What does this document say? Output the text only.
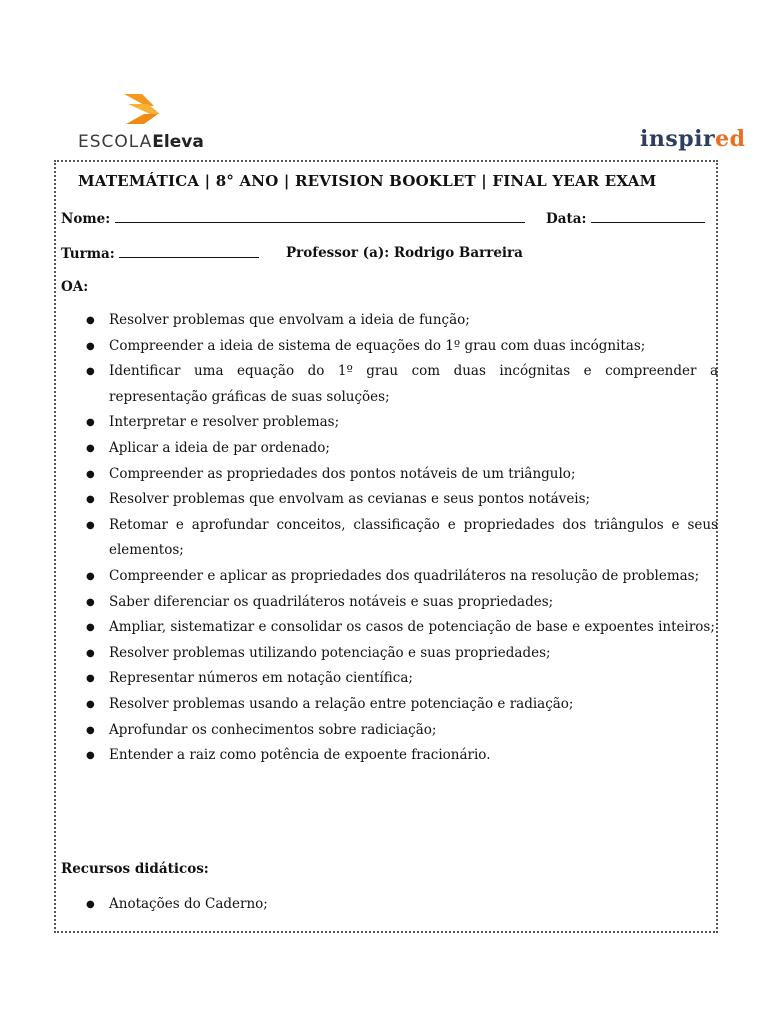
ESCOLAEleva	inspired
MATEMÁTICA | 8° ANO | REVISION BOOKLET | FINAL YEAR EXAM
Nome:	Data:
Turma:	Professor (a): Rodrigo Barreira
OA:
● Resolver problemas que envolvam a ideia de função;
● Compreender a ideia de sistema de equações do 1º grau com duas incógnitas;
● Identificar uma equação do 1º grau com duas incógnitas e compreender a representação gráficas de suas soluções;
● Interpretar e resolver problemas;
● Aplicar a ideia de par ordenado;
● Compreender as propriedades dos pontos notáveis de um triângulo;
● Resolver problemas que envolvam as cevianas e seus pontos notáveis;
● Retomar e aprofundar conceitos, classificação e propriedades dos triângulos e seus elementos;
● Compreender e aplicar as propriedades dos quadriláteros na resolução de problemas;
● Saber diferenciar os quadriláteros notáveis e suas propriedades;
● Ampliar, sistematizar e consolidar os casos de potenciação de base e expoentes inteiros;
● Resolver problemas utilizando potenciação e suas propriedades;
● Representar números em notação científica;
● Resolver problemas usando a relação entre potenciação e radiação;
● Aprofundar os conhecimentos sobre radiciação;
● Entender a raiz como potência de expoente fracionário.
Recursos didáticos:
● Anotações do Caderno;
